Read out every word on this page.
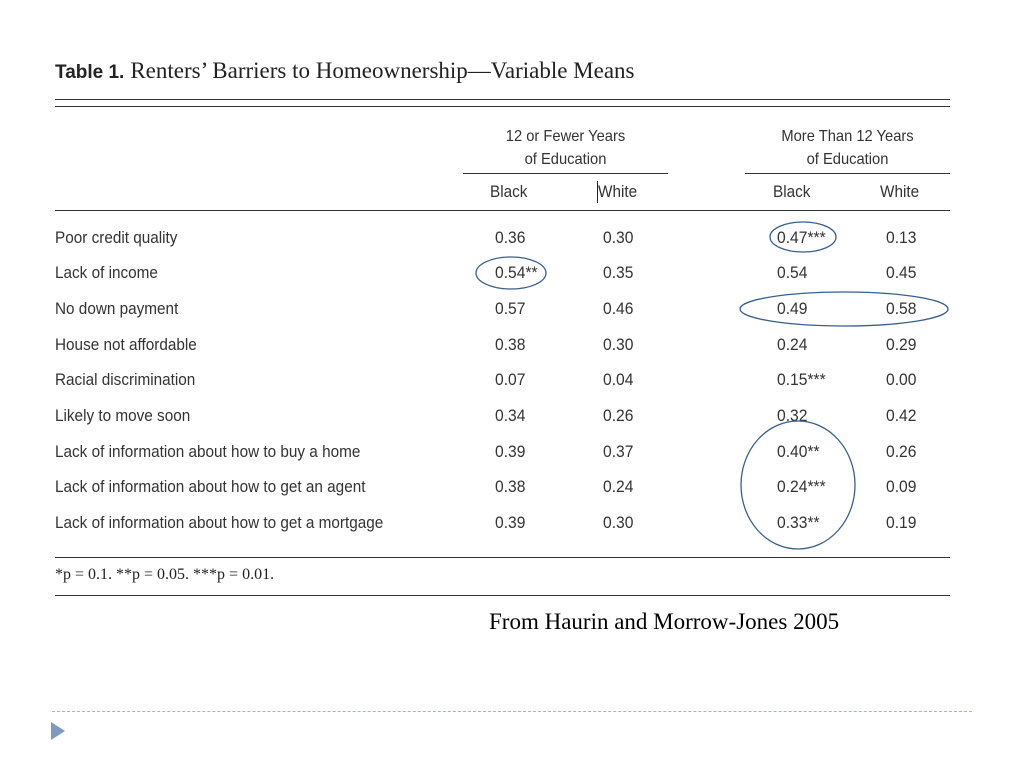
Table 1. Renters’ Barriers to Homeownership—Variable Means
12 or Fewer Years
of Education
More Than 12 Years
of Education
Black	White	Black	White
Poor credit quality	0.36	0.30	0.47***	0.13
Lack of income	0.54**	0.35	0.54	0.45
No down payment	0.57	0.46	0.49	0.58
House not affordable	0.38	0.30	0.24	0.29
Racial discrimination	0.07	0.04	0.15***	0.00
Likely to move soon	0.34	0.26	0.32	0.42
Lack of information about how to buy a home	0.39	0.37	0.40**	0.26
Lack of information about how to get an agent	0.38	0.24	0.24***	0.09
Lack of information about how to get a mortgage	0.39	0.30	0.33**	0.19
*p = 0.1. **p = 0.05. ***p = 0.01.
From Haurin and Morrow-Jones 2005
